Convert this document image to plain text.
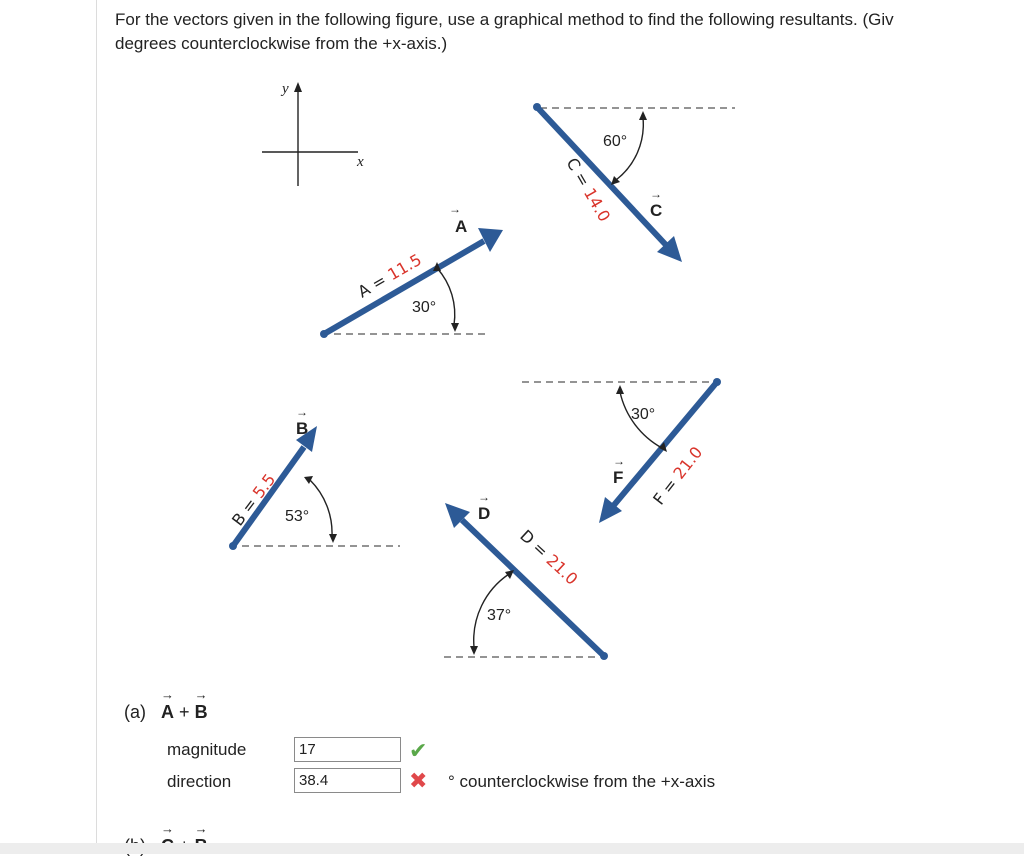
For the vectors given in the following figure, use a graphical method to find the following resultants. (Giv
degrees counterclockwise from the +x-axis.)
y
x
30°
A
→
A = 11.5
53°
B
→
B = 5.5
60°
C
→
C = 14.0
37°
D
→
D = 21.0
30°
F
→
F = 21.0
(a) → A + → B
magnitude
17	✔
direction
38.4	✖ ° counterclockwise from the +x-axis
→ →
